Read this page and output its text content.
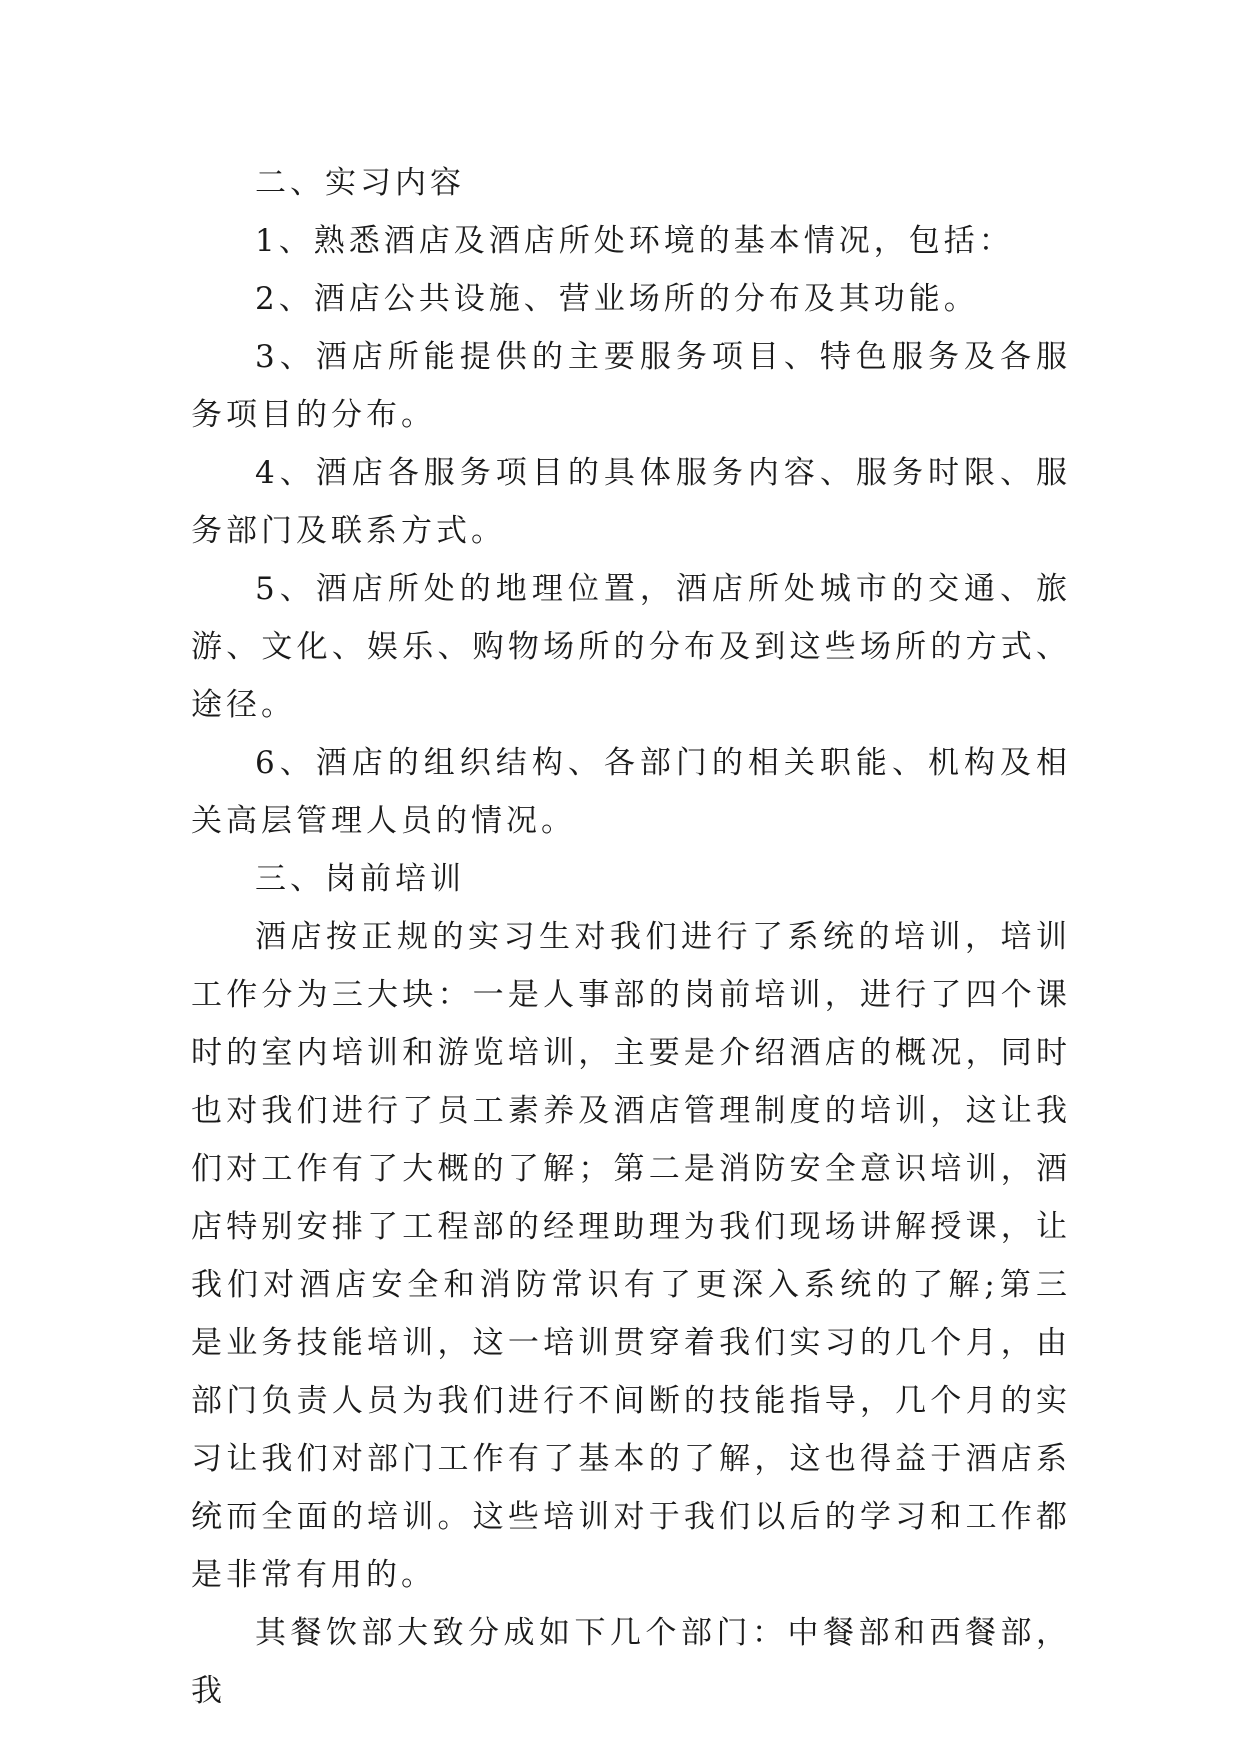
二、实习内容

1、熟悉酒店及酒店所处环境的基本情况，包括：

2、酒店公共设施、营业场所的分布及其功能。

3、酒店所能提供的主要服务项目、特色服务及各服务项目的分布。

4、酒店各服务项目的具体服务内容、服务时限、服务部门及联系方式。

5、酒店所处的地理位置，酒店所处城市的交通、旅游、文化、娱乐、购物场所的分布及到这些场所的方式、途径。

6、酒店的组织结构、各部门的相关职能、机构及相关高层管理人员的情况。

三、岗前培训

酒店按正规的实习生对我们进行了系统的培训，培训工作分为三大块：一是人事部的岗前培训，进行了四个课时的室内培训和游览培训，主要是介绍酒店的概况，同时也对我们进行了员工素养及酒店管理制度的培训，这让我们对工作有了大概的了解；第二是消防安全意识培训，酒店特别安排了工程部的经理助理为我们现场讲解授课，让我们对酒店安全和消防常识有了更深入系统的了解;第三是业务技能培训，这一培训贯穿着我们实习的几个月，由部门负责人员为我们进行不间断的技能指导，几个月的实习让我们对部门工作有了基本的了解，这也得益于酒店系统而全面的培训。这些培训对于我们以后的学习和工作都是非常有用的。

其餐饮部大致分成如下几个部门：中餐部和西餐部，我
